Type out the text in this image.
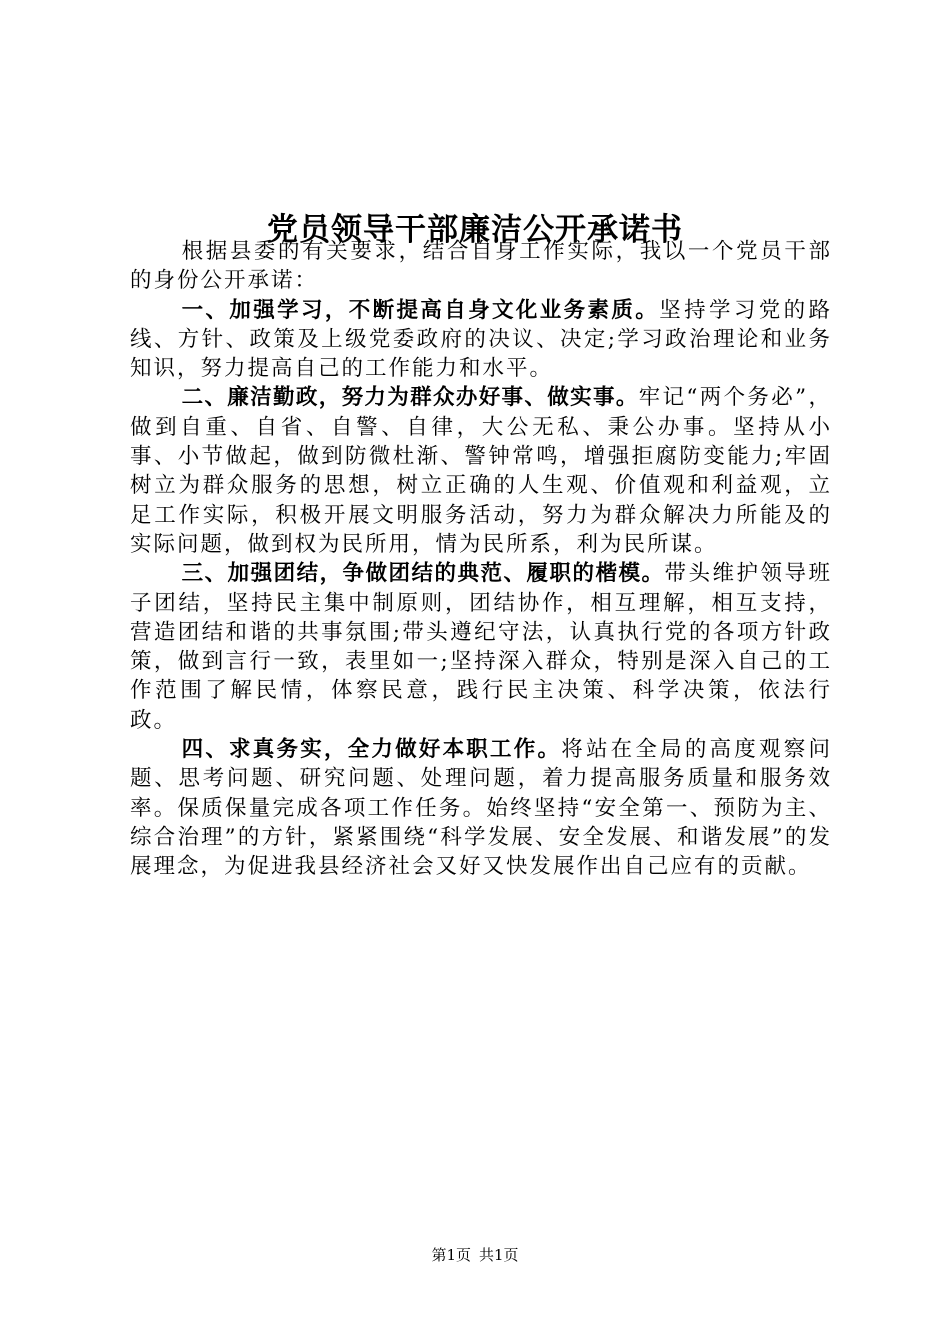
党员领导干部廉洁公开承诺书

根据县委的有关要求，结合自身工作实际，我以一个党员干部的身份公开承诺：

一、加强学习，不断提高自身文化业务素质。坚持学习党的路线、方针、政策及上级党委政府的决议、决定;学习政治理论和业务知识，努力提高自己的工作能力和水平。

二、廉洁勤政，努力为群众办好事、做实事。牢记“两个务必”，做到自重、自省、自警、自律，大公无私、秉公办事。坚持从小事、小节做起，做到防微杜渐、警钟常鸣，增强拒腐防变能力;牢固树立为群众服务的思想，树立正确的人生观、价值观和利益观，立足工作实际，积极开展文明服务活动，努力为群众解决力所能及的实际问题，做到权为民所用，情为民所系，利为民所谋。

三、加强团结，争做团结的典范、履职的楷模。带头维护领导班子团结，坚持民主集中制原则，团结协作，相互理解，相互支持，营造团结和谐的共事氛围;带头遵纪守法，认真执行党的各项方针政策，做到言行一致，表里如一;坚持深入群众，特别是深入自己的工作范围了解民情，体察民意，践行民主决策、科学决策，依法行政。

四、求真务实，全力做好本职工作。将站在全局的高度观察问题、思考问题、研究问题、处理问题，着力提高服务质量和服务效率。保质保量完成各项工作任务。始终坚持“安全第一、预防为主、综合治理”的方针，紧紧围绕“科学发展、安全发展、和谐发展”的发展理念，为促进我县经济社会又好又快发展作出自己应有的贡献。

第1页 共1页
